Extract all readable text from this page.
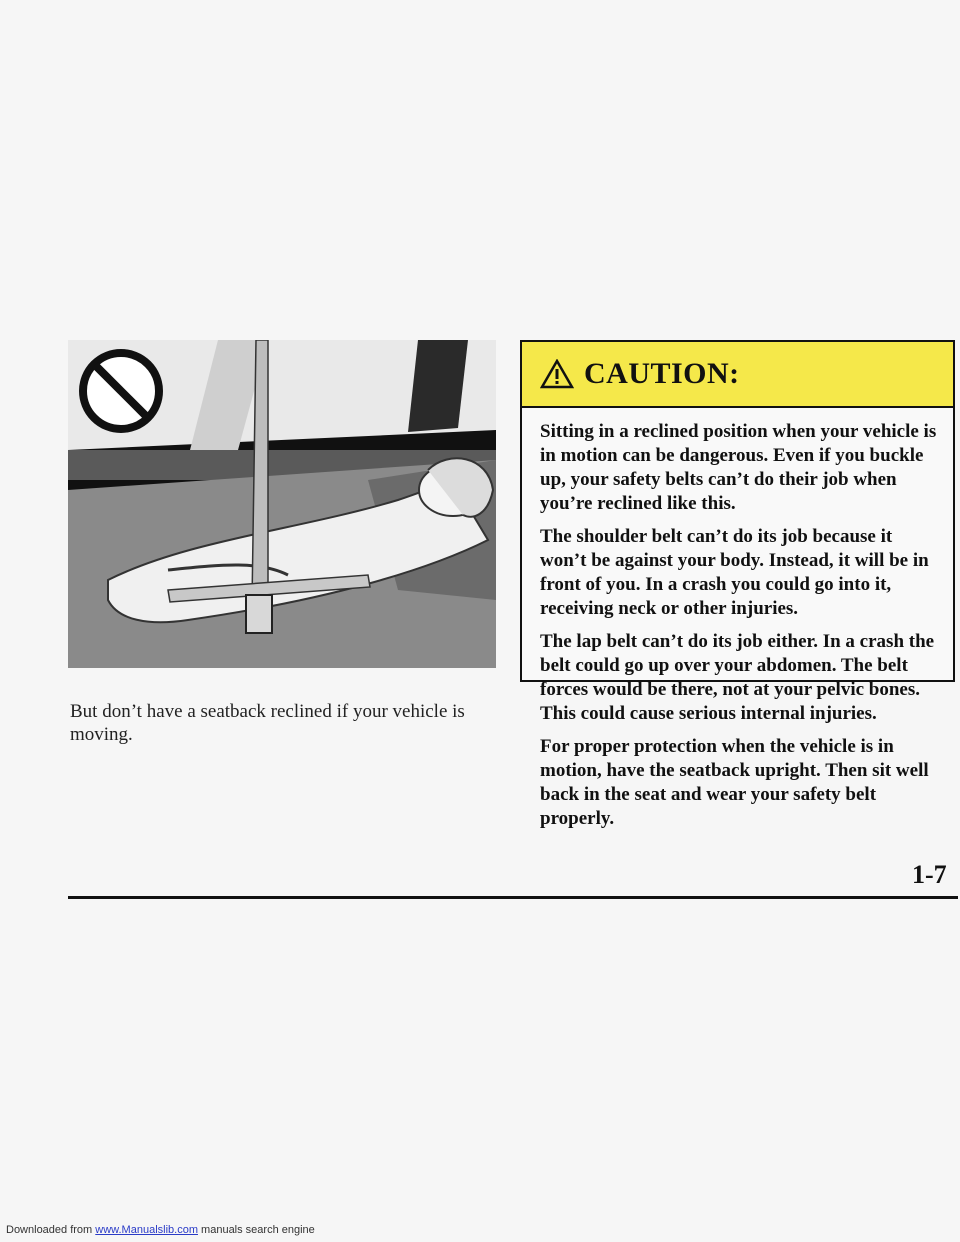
But don’t have a seatback reclined if your vehicle is moving.
CAUTION:

Sitting in a reclined position when your vehicle is in motion can be dangerous. Even if you buckle up, your safety belts can’t do their job when you’re reclined like this.

The shoulder belt can’t do its job because it won’t be against your body. Instead, it will be in front of you. In a crash you could go into it, receiving neck or other injuries.

The lap belt can’t do its job either. In a crash the belt could go up over your abdomen. The belt forces would be there, not at your pelvic bones. This could cause serious internal injuries.

For proper protection when the vehicle is in motion, have the seatback upright. Then sit well back in the seat and wear your safety belt properly.

1-7
Downloaded from www.Manualslib.com manuals search engine
